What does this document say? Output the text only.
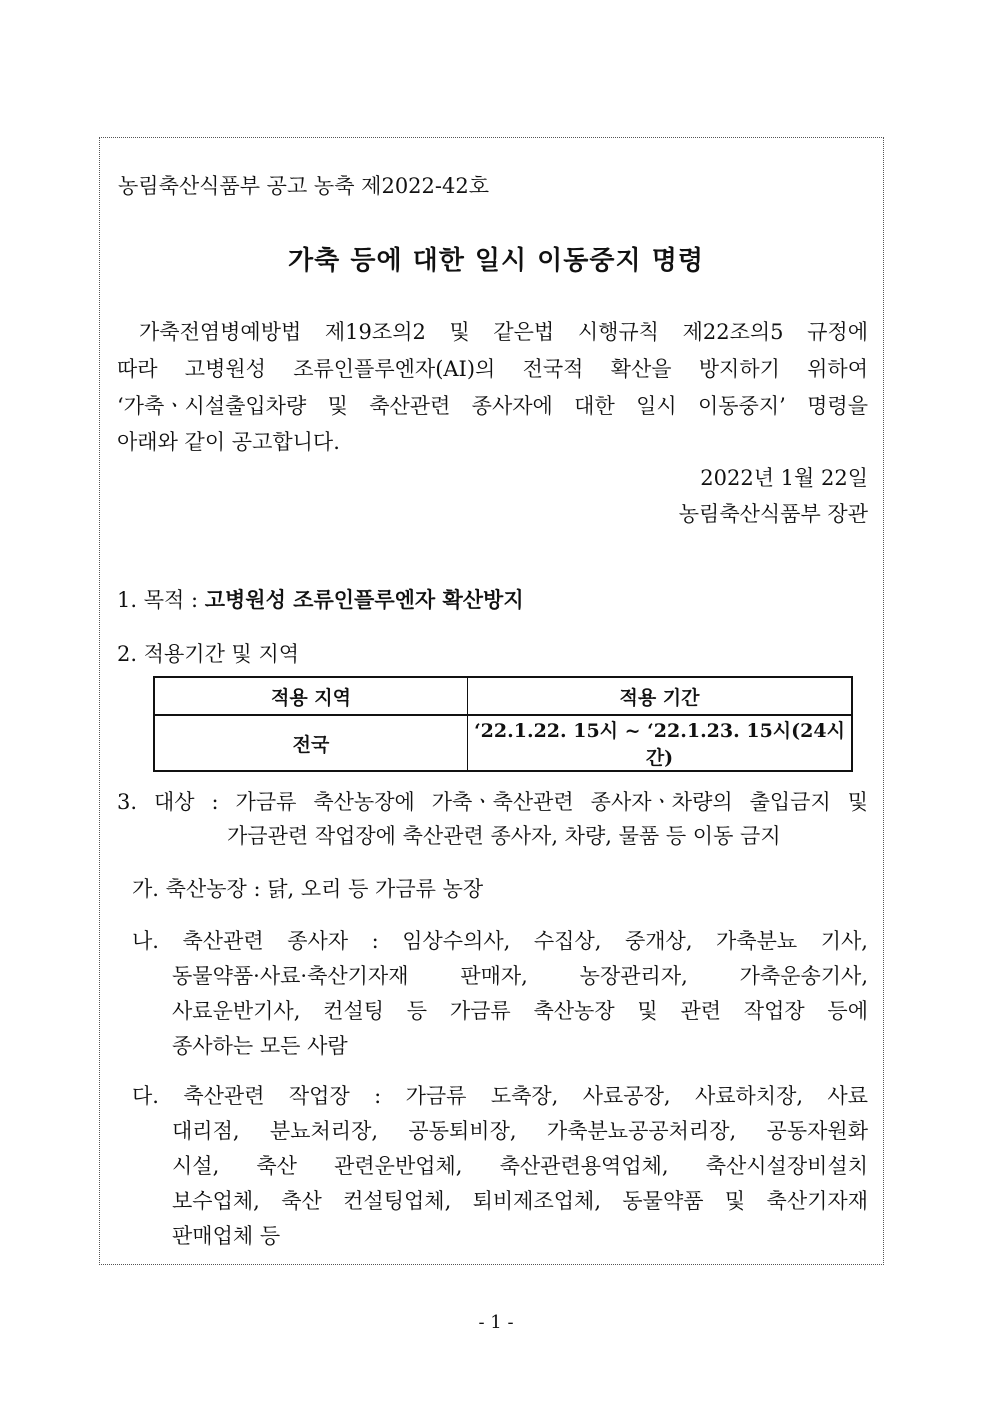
농림축산식품부 공고 농축 제2022-42호
가축 등에 대한 일시 이동중지 명령
가축전염병예방법 제19조의2 및 같은법 시행규칙 제22조의5 규정에
따라 고병원성 조류인플루엔자(AI)의 전국적 확산을 방지하기 위하여
‘가축ㆍ시설출입차량 및 축산관련 종사자에 대한 일시 이동중지’ 명령을
아래와 같이 공고합니다.
2022년 1월 22일
농림축산식품부 장관
1. 목적 : 고병원성 조류인플루엔자 확산방지
2. 적용기간 및 지역
적용 지역	적용 기간
전국	‘22.1.22. 15시 ~ ‘22.1.23. 15시(24시간)
3. 대상 : 가금류 축산농장에 가축ㆍ축산관련 종사자ㆍ차량의 출입금지 및
가금관련 작업장에 축산관련 종사자, 차량, 물품 등 이동 금지
가. 축산농장 : 닭, 오리 등 가금류 농장
나. 축산관련 종사자 : 임상수의사, 수집상, 중개상, 가축분뇨 기사,
동물약품·사료·축산기자재 판매자, 농장관리자, 가축운송기사,
사료운반기사, 컨설팅 등 가금류 축산농장 및 관련 작업장 등에
종사하는 모든 사람
다. 축산관련 작업장 : 가금류 도축장, 사료공장, 사료하치장, 사료
대리점, 분뇨처리장, 공동퇴비장, 가축분뇨공공처리장, 공동자원화
시설, 축산 관련운반업체, 축산관련용역업체, 축산시설장비설치
보수업체, 축산 컨설팅업체, 퇴비제조업체, 동물약품 및 축산기자재
판매업체 등
- 1 -
